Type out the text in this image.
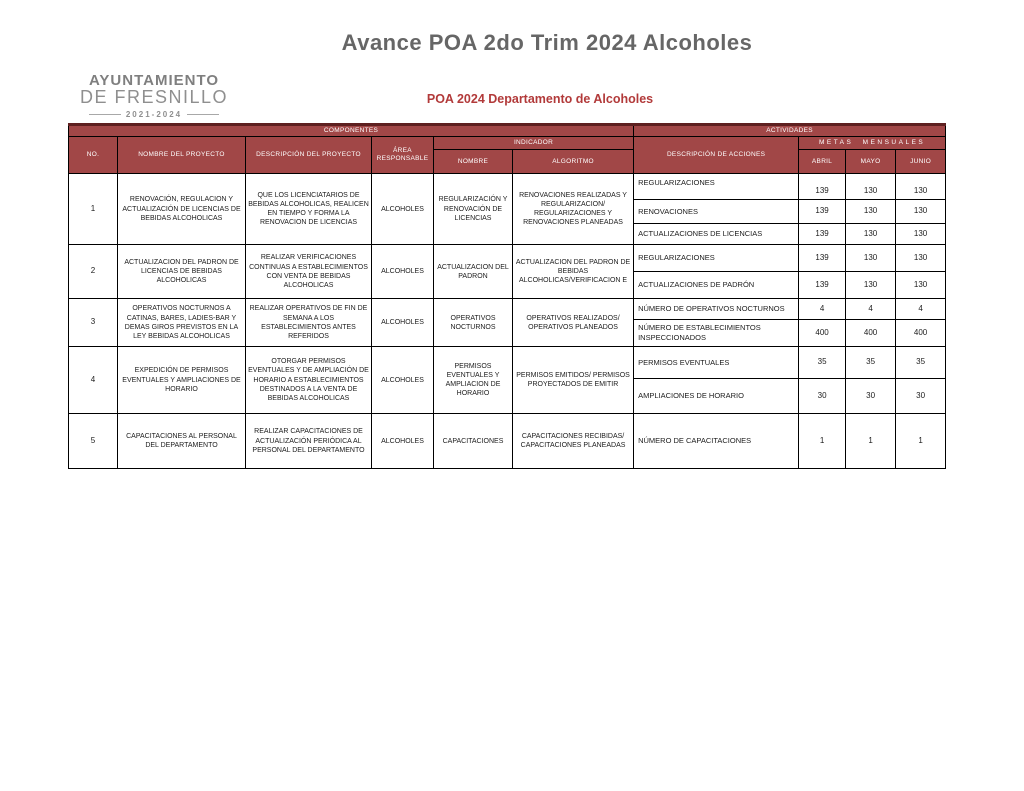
Avance POA 2do Trim 2024 Alcoholes
AYUNTAMIENTO
DE FRESNILLO
2021-2024
POA 2024 Departamento de Alcoholes
COMPONENTES						ACTIVIDADES			
NO.	NOMBRE DEL PROYECTO	DESCRIPCIÓN DEL PROYECTO	ÁREA RESPONSABLE	INDICADOR		DESCRIPCIÓN DE ACCIONES	METAS MENSUALES		
				NOMBRE	ALGORITMO		ABRIL	MAYO	JUNIO
1	RENOVACIÓN, REGULACION Y ACTUALIZACIÓN DE LICENCIAS DE BEBIDAS ALCOHOLICAS	QUE LOS LICENCIATARIOS DE BEBIDAS ALCOHOLICAS, REALICEN EN TIEMPO Y FORMA LA RENOVACION DE LICENCIAS	ALCOHOLES	REGULARIZACIÓN Y RENOVACIÓN DE LICENCIAS	RENOVACIONES REALIZADAS Y REGULARIZACION/ REGULARIZACIONES Y RENOVACIONES PLANEADAS	REGULARIZACIONES	139	130	130
						RENOVACIONES	139	130	130
						ACTUALIZACIONES DE LICENCIAS	139	130	130
2	ACTUALIZACION DEL PADRON DE LICENCIAS DE BEBIDAS ALCOHOLICAS	REALIZAR VERIFICACIONES CONTINUAS A ESTABLECIMIENTOS CON VENTA DE BEBIDAS ALCOHOLICAS	ALCOHOLES	ACTUALIZACION DEL PADRON	ACTUALIZACION DEL PADRON DE BEBIDAS ALCOHOLICAS/VERIFICACION E	REGULARIZACIONES	139	130	130
						ACTUALIZACIONES DE PADRÓN	139	130	130
3	OPERATIVOS NOCTURNOS A CATINAS, BARES, LADIES-BAR Y DEMAS GIROS PREVISTOS EN LA LEY BEBIDAS ALCOHOLICAS	REALIZAR OPERATIVOS DE FIN DE SEMANA A LOS ESTABLECIMIENTOS ANTES REFERIDOS	ALCOHOLES	OPERATIVOS NOCTURNOS	OPERATIVOS REALIZADOS/ OPERATIVOS PLANEADOS	NÚMERO DE OPERATIVOS NOCTURNOS	4	4	4
						NÚMERO DE ESTABLECIMIENTOS INSPECCIONADOS	400	400	400
4	EXPEDICIÓN DE PERMISOS EVENTUALES Y AMPLIACIONES DE HORARIO	OTORGAR PERMISOS EVENTUALES Y DE AMPLIACIÓN DE HORARIO A ESTABLECIMIENTOS DESTINADOS A LA VENTA DE BEBIDAS ALCOHOLICAS	ALCOHOLES	PERMISOS EVENTUALES Y AMPLIACION DE HORARIO	PERMISOS EMITIDOS/ PERMISOS PROYECTADOS DE EMITIR	PERMISOS EVENTUALES	35	35	35
						AMPLIACIONES DE HORARIO	30	30	30
5	CAPACITACIONES AL PERSONAL DEL DEPARTAMENTO	REALIZAR CAPACITACIONES DE ACTUALIZACIÓN PERIÓDICA AL PERSONAL DEL DEPARTAMENTO	ALCOHOLES	CAPACITACIONES	CAPACITACIONES RECIBIDAS/ CAPACITACIONES PLANEADAS	NÚMERO DE CAPACITACIONES	1	1	1
